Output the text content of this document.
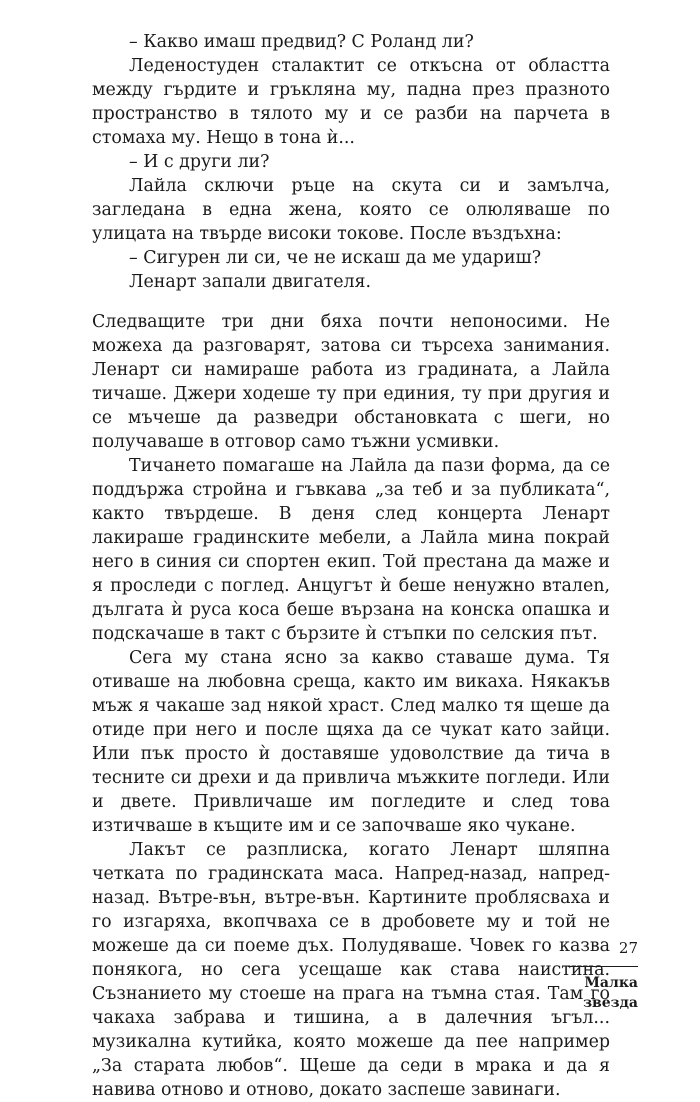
– Какво имаш предвид? С Роланд ли?

Леденостуден сталактит се откъсна от областта между гърдите и гръкляна му, падна през празното пространство в тялото му и се разби на парчета в стомаха му. Нещо в тона ѝ...

– И с други ли?

Лайла сключи ръце на скута си и замълча, загледана в една жена, която се олюляваше по улицата на твърде високи токове. После въздъхна:

– Сигурен ли си, че не искаш да ме удариш?

Ленарт запали двигателя.

Следващите три дни бяха почти непоносими. Не можеха да разговарят, затова си търсеха занимания. Ленарт си намираше работа из градината, а Лайла тичаше. Джери ходеше ту при единия, ту при другия и се мъчеше да разведри обстановката с шеги, но получаваше в отговор само тъжни усмивки.

Тичането помагаше на Лайла да пази форма, да се поддържа стройна и гъвкава „за теб и за публиката“, както твърдеше. В деня след концерта Ленарт лакираше градинските мебели, а Лайла мина покрай него в синия си спортен екип. Той престана да маже и я проследи с поглед. Анцугът ѝ беше ненужно вталеn, дългата ѝ руса коса беше вързана на конска опашка и подскачаше в такт с бързите ѝ стъпки по селския път.

Сега му стана ясно за какво ставаше дума. Тя отиваше на любовна среща, както им викаха. Някакъв мъж я чакаше зад някой храст. След малко тя щеше да отиде при него и после щяха да се чукат като зайци. Или пък просто ѝ доставяше удоволствие да тича в тесните си дрехи и да привлича мъжките погледи. Или и двете. Привличаше им погледите и след това изтичваше в къщите им и се започваше яко чукане.

Лакът се разплиска, когато Ленарт шляпна четката по градинската маса. Напред-назад, напред-назад. Вътре-вън, вътре-вън. Картините проблясваха и го изгаряха, вкопчваха се в дробовете му и той не можеше да си поеме дъх. Полудяваше. Човек го казва понякога, но сега усещаше как става наистина. Съзнанието му стоеше на прага на тъмна стая. Там го чакаха забрава и тишина, а в далечния ъгъл... музикална кутийка, която можеше да пее например „За старата любов“. Щеше да седи в мрака и да я навива отново и отново, докато заспеше завинаги.

27
Малка звезда
